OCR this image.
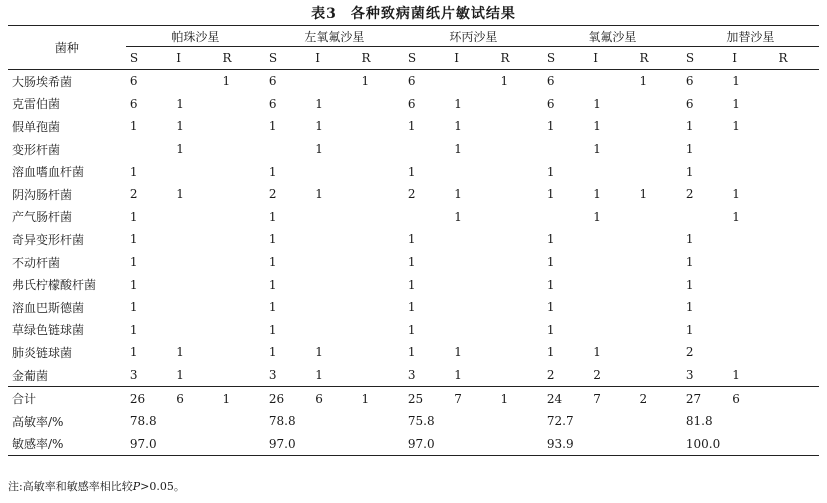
表3 各种致病菌纸片敏试结果
菌种	帕珠沙星			左氧氟沙星			环丙沙星			氧氟沙星			加替沙星		
	S	I	R	S	I	R	S	I	R	S	I	R	S	I	R
大肠埃希菌	6		1	6		1	6		1	6		1	6	1	
克雷伯菌	6	1		6	1		6	1		6	1		6	1	
假单孢菌	1	1		1	1		1	1		1	1		1	1	
变形杆菌		1			1			1			1		1		
溶血嗜血杆菌	1			1			1			1			1		
阴沟肠杆菌	2	1		2	1		2	1		1	1	1	2	1	
产气肠杆菌	1			1				1			1			1	
奇异变形杆菌	1			1			1			1			1		
不动杆菌	1			1			1			1			1		
弗氏柠檬酸杆菌	1			1			1			1			1		
溶血巴斯德菌	1			1			1			1			1		
草绿色链球菌	1			1			1			1			1		
肺炎链球菌	1	1		1	1		1	1		1	1		2		
金葡菌	3	1		3	1		3	1		2	2		3	1	
合计	26	6	1	26	6	1	25	7	1	24	7	2	27	6	
高敏率/%	78.8			78.8			75.8			72.7			81.8		
敏感率/%	97.0			97.0			97.0			93.9			100.0		
注:高敏率和敏感率相比较P>0.05。
